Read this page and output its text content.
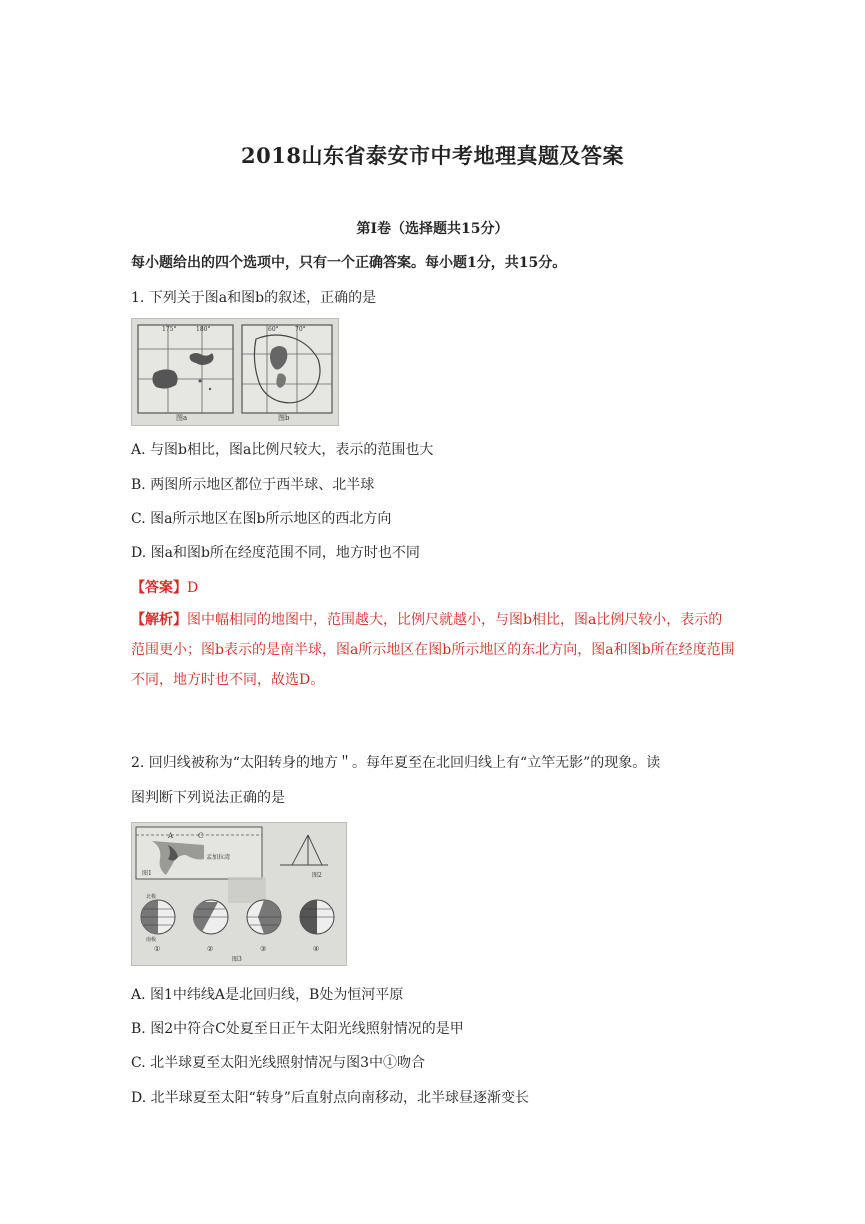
2018山东省泰安市中考地理真题及答案
第Ⅰ卷（选择题共15分）
每小题给出的四个选项中，只有一个正确答案。每小题1分，共15分。
1. 下列关于图a和图b的叙述，正确的是
175°	180°
图a
60°	70°
图b
A. 与图b相比，图a比例尺较大，表示的范围也大
B. 两图所示地区都位于西半球、北半球
C. 图a所示地区在图b所示地区的西北方向
D. 图a和图b所在经度范围不同，地方时也不同
【答案】D
【解析】图中幅相同的地图中，范围越大，比例尺就越小，与图b相比，图a比例尺较小，表示的范围更小；图b表示的是南半球，图a所示地区在图b所示地区的东北方向，图a和图b所在经度范围不同，地方时也不同，故选D。
2. 回归线被称为“太阳转身的地方＂。每年夏至在北回归线上有“立竿无影”的现象。读
图判断下列说法正确的是
A	C
孟加拉湾
图1	图2
北极
南极
①	②	③	④
图3
A. 图1中纬线A是北回归线，B处为恒河平原
B. 图2中符合C处夏至日正午太阳光线照射情况的是甲
C. 北半球夏至太阳光线照射情况与图3中①吻合
D. 北半球夏至太阳“转身”后直射点向南移动，北半球昼逐渐变长
